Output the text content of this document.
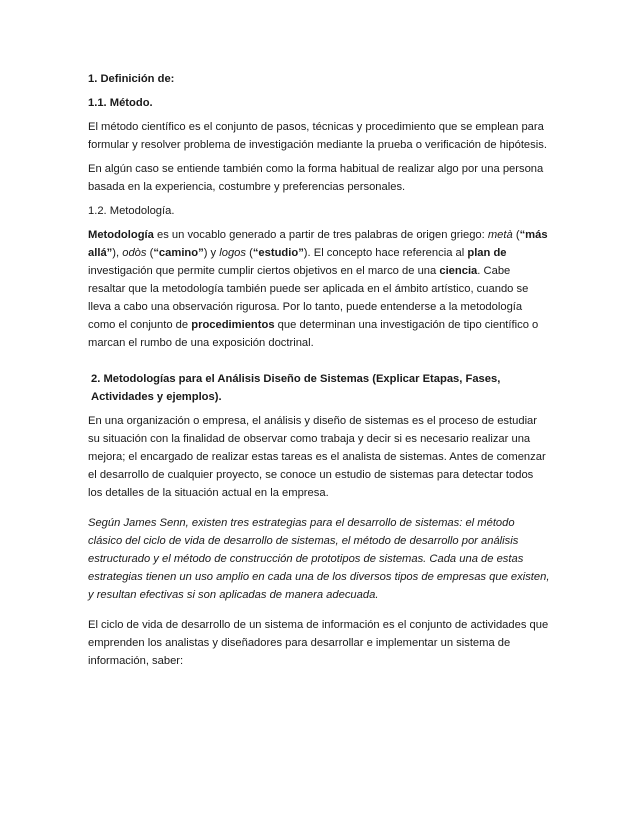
1. Definición de:

1.1. Método.

El método científico es el conjunto de pasos, técnicas y procedimiento que se emplean para formular y resolver problema de investigación mediante la prueba o verificación de hipótesis.

En algún caso se entiende también como la forma habitual de realizar algo por una persona basada en la experiencia, costumbre y preferencias personales.

1.2. Metodología.

Metodología es un vocablo generado a partir de tres palabras de origen griego: metà (“más allá”), odòs (“camino”) y logos (“estudio”). El concepto hace referencia al plan de investigación que permite cumplir ciertos objetivos en el marco de una ciencia. Cabe resaltar que la metodología también puede ser aplicada en el ámbito artístico, cuando se lleva a cabo una observación rigurosa. Por lo tanto, puede entenderse a la metodología como el conjunto de procedimientos que determinan una investigación de tipo científico o marcan el rumbo de una exposición doctrinal.

2. Metodologías para el Análisis Diseño de Sistemas (Explicar Etapas, Fases, Actividades y ejemplos).

En una organización o empresa, el análisis y diseño de sistemas es el proceso de estudiar su situación con la finalidad de observar como trabaja y decir si es necesario realizar una mejora; el encargado de realizar estas tareas es el analista de sistemas. Antes de comenzar el desarrollo de cualquier proyecto, se conoce un estudio de sistemas para detectar todos los detalles de la situación actual en la empresa.

Según James Senn, existen tres estrategias para el desarrollo de sistemas: el método clásico del ciclo de vida de desarrollo de sistemas, el método de desarrollo por análisis estructurado y el método de construcción de prototipos de sistemas. Cada una de estas estrategias tienen un uso amplio en cada una de los diversos tipos de empresas que existen, y resultan efectivas si son aplicadas de manera adecuada.

El ciclo de vida de desarrollo de un sistema de información es el conjunto de actividades que emprenden los analistas y diseñadores para desarrollar e implementar un sistema de información, saber:
